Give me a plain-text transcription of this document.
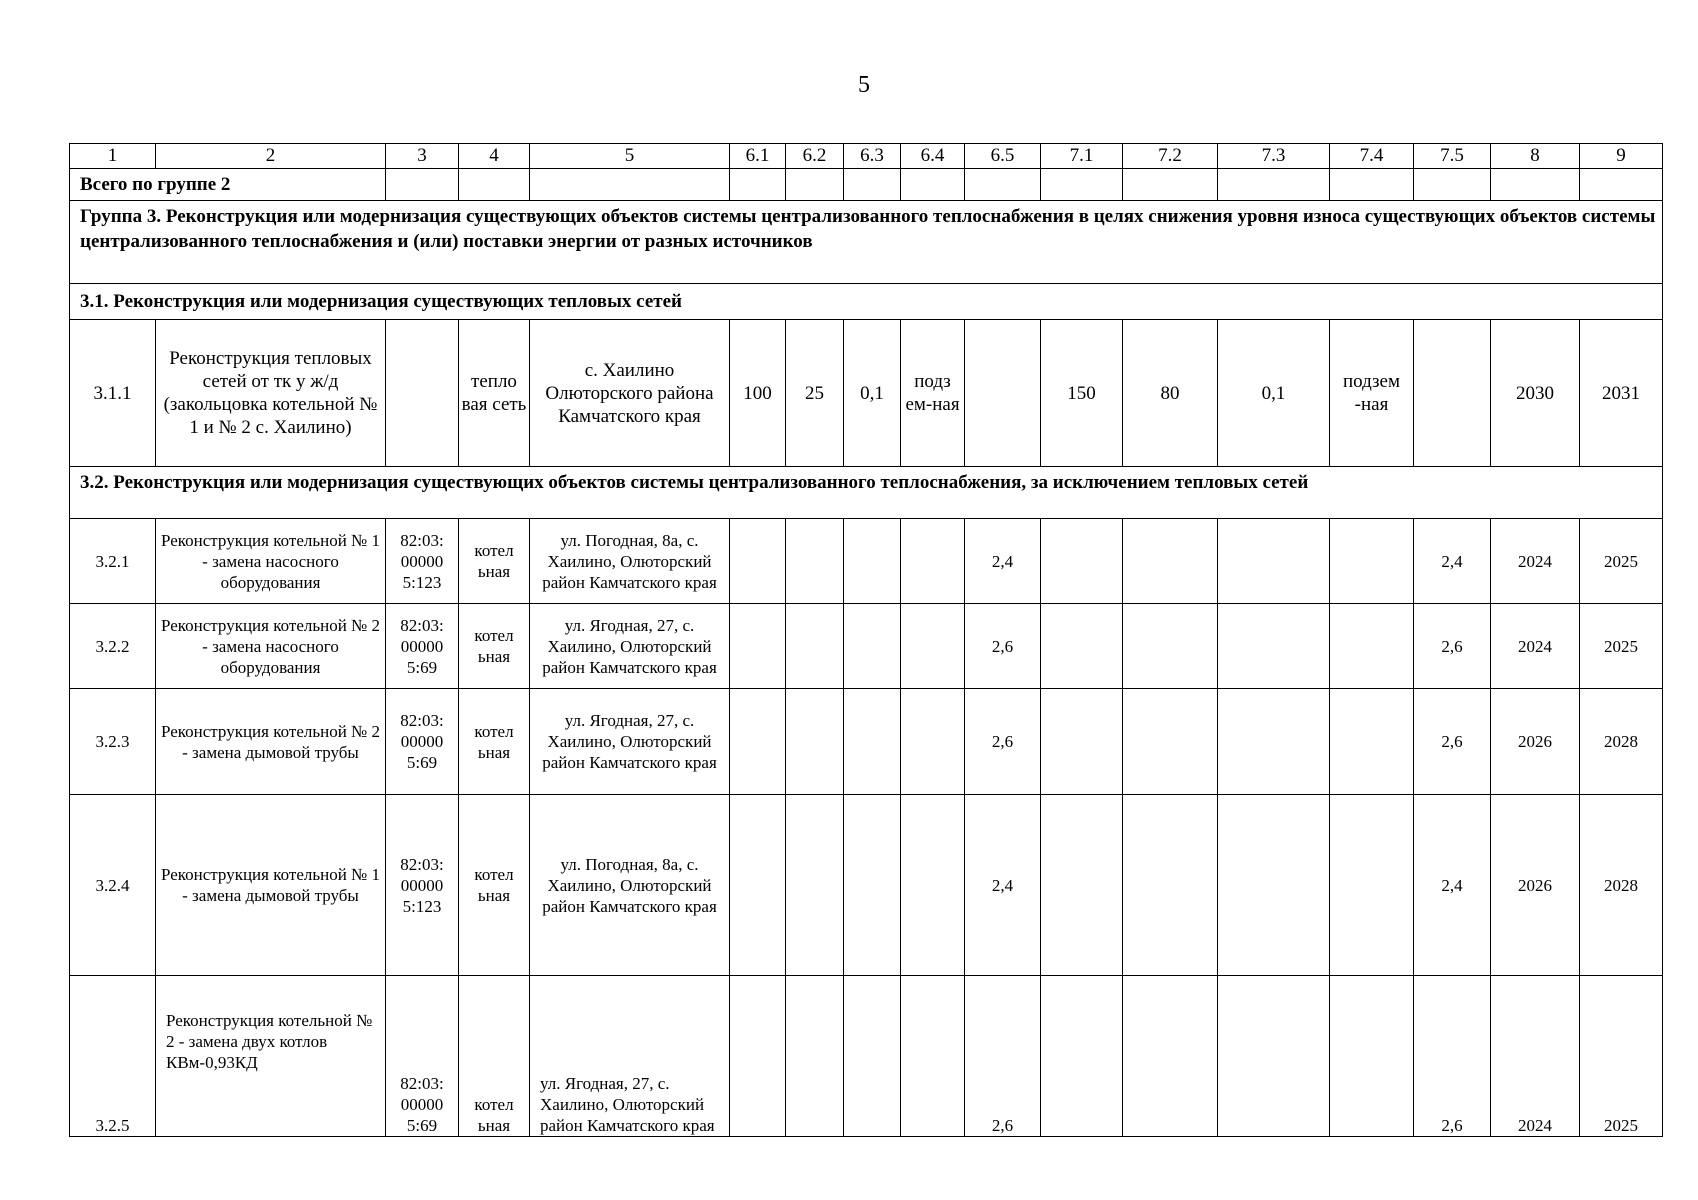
5
1	2	3	4	5	6.1	6.2	6.3	6.4	6.5	7.1	7.2	7.3	7.4	7.5	8	9
Всего по группе 2																
Группа 3. Реконструкция или модернизация существующих объектов системы централизованного теплоснабжения в целях снижения уровня износа существующих объектов системы централизованного теплоснабжения и (или) поставки энергии от разных источников																
3.1. Реконструкция или модернизация существующих тепловых сетей																
3.1.1	Реконструкция тепловых сетей от тк у ж/д (закольцовка котельной № 1 и № 2 с. Хаилино)		тепло вая сеть	с. Хаилино Олюторского района Камчатского края	100	25	0,1	подз ем-ная		150	80	0,1	подзем -ная		2030	2031
3.2. Реконструкция или модернизация существующих объектов системы централизованного теплоснабжения, за исключением тепловых сетей																
3.2.1	Реконструкция котельной № 1 - замена насосного оборудования	82:03: 00000 5:123	котел ьная	ул. Погодная, 8а, с. Хаилино, Олюторский район Камчатского края					2,4					2,4	2024	2025
3.2.2	Реконструкция котельной № 2 - замена насосного оборудования	82:03: 00000 5:69	котел ьная	ул. Ягодная, 27, с. Хаилино, Олюторский район Камчатского края					2,6					2,6	2024	2025
3.2.3	Реконструкция котельной № 2 - замена дымовой трубы	82:03: 00000 5:69	котел ьная	ул. Ягодная, 27, с. Хаилино, Олюторский район Камчатского края					2,6					2,6	2026	2028
3.2.4	Реконструкция котельной № 1 - замена дымовой трубы	82:03: 00000 5:123	котел ьная	ул. Погодная, 8а, с. Хаилино, Олюторский район Камчатского края					2,4					2,4	2026	2028
3.2.5	Реконструкция котельной № 2 - замена двух котлов КВм-0,93КД	82:03: 00000 5:69	котел ьная	ул. Ягодная, 27, с. Хаилино, Олюторский район Камчатского края					2,6					2,6	2024	2025
